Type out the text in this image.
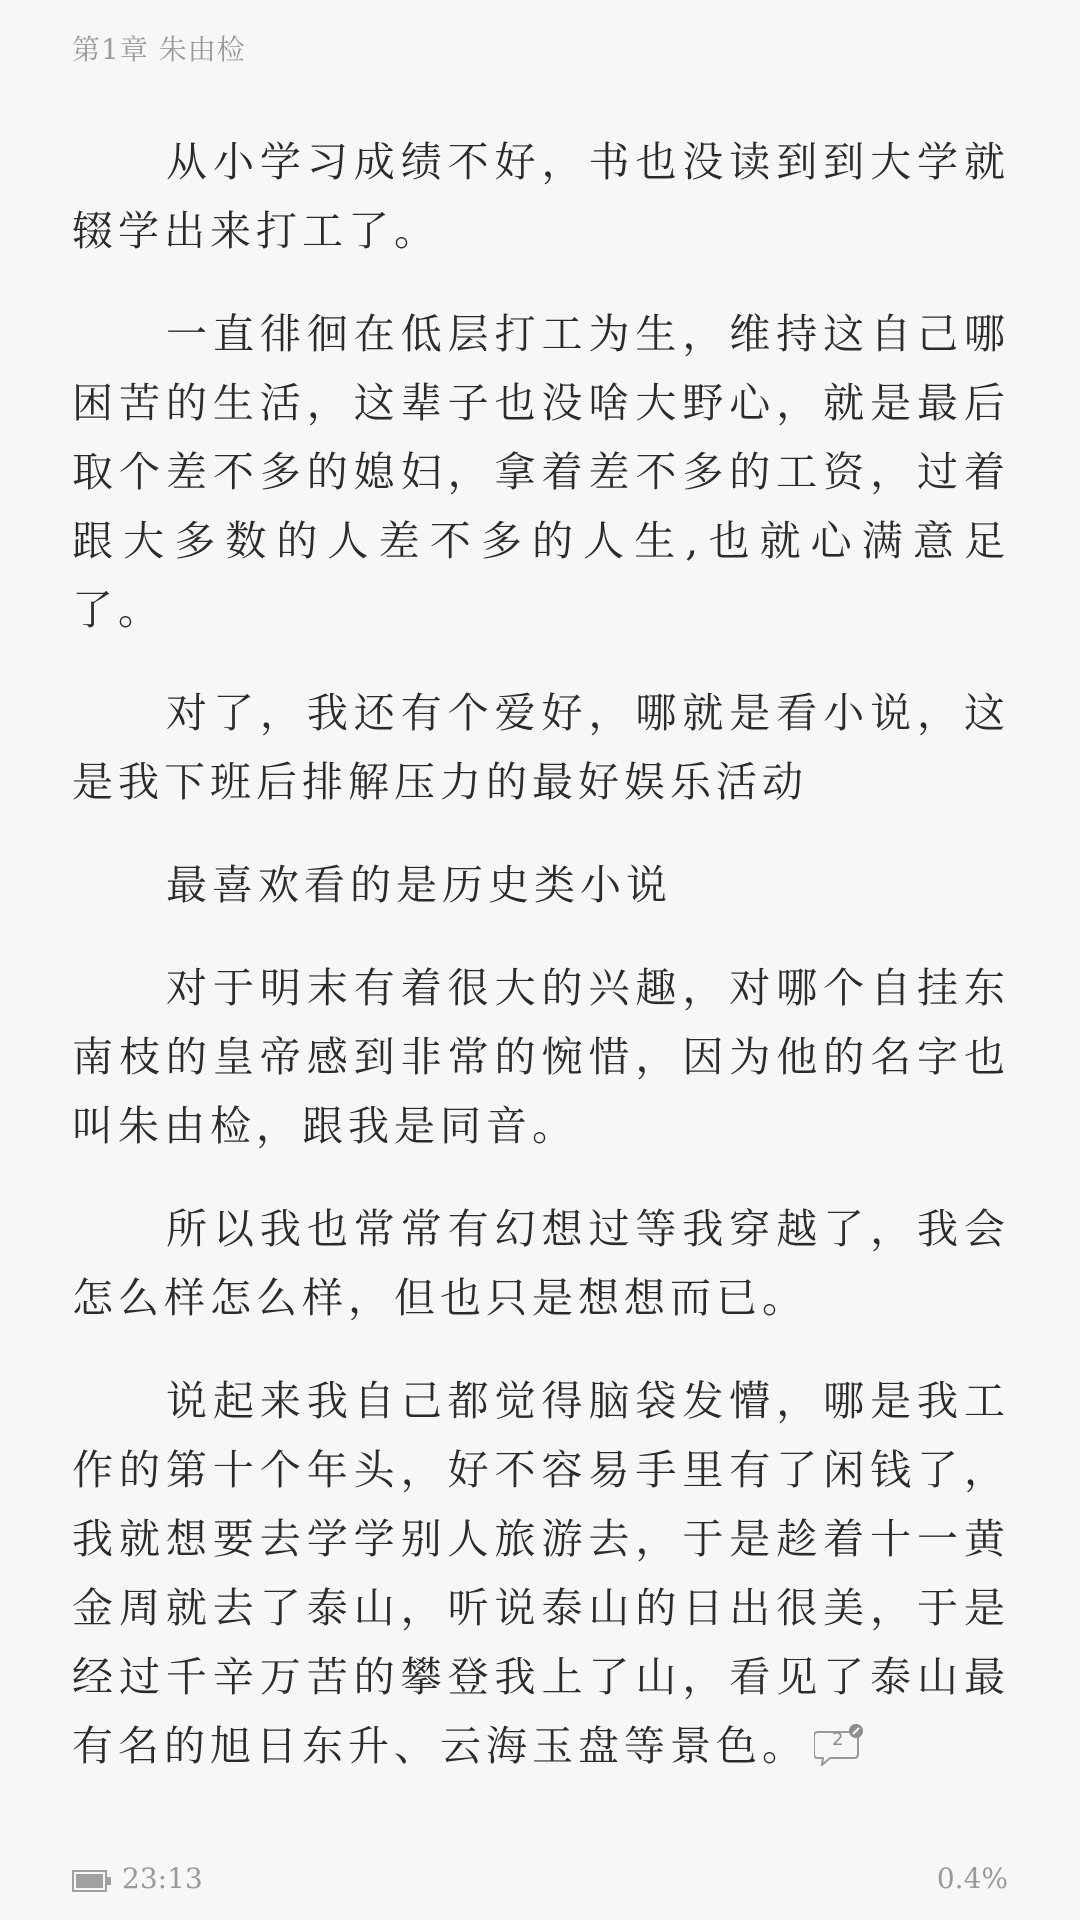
第1章 朱由检

从小学习成绩不好，书也没读到到大学就辍学出来打工了。

一直徘徊在低层打工为生，维持这自己哪困苦的生活，这辈子也没啥大野心，就是最后取个差不多的媳妇，拿着差不多的工资，过着跟大多数的人差不多的人生,也就心满意足了。

对了，我还有个爱好，哪就是看小说，这是我下班后排解压力的最好娱乐活动

最喜欢看的是历史类小说

对于明末有着很大的兴趣，对哪个自挂东南枝的皇帝感到非常的惋惜，因为他的名字也叫朱由检，跟我是同音。

所以我也常常有幻想过等我穿越了，我会怎么样怎么样，但也只是想想而已。

说起来我自己都觉得脑袋发懵，哪是我工作的第十个年头，好不容易手里有了闲钱了，我就想要去学学别人旅游去，于是趁着十一黄金周就去了泰山，听说泰山的日出很美，于是经过千辛万苦的攀登我上了山，看见了泰山最有名的旭日东升、云海玉盘等景色。 2

23:13	0.4%
